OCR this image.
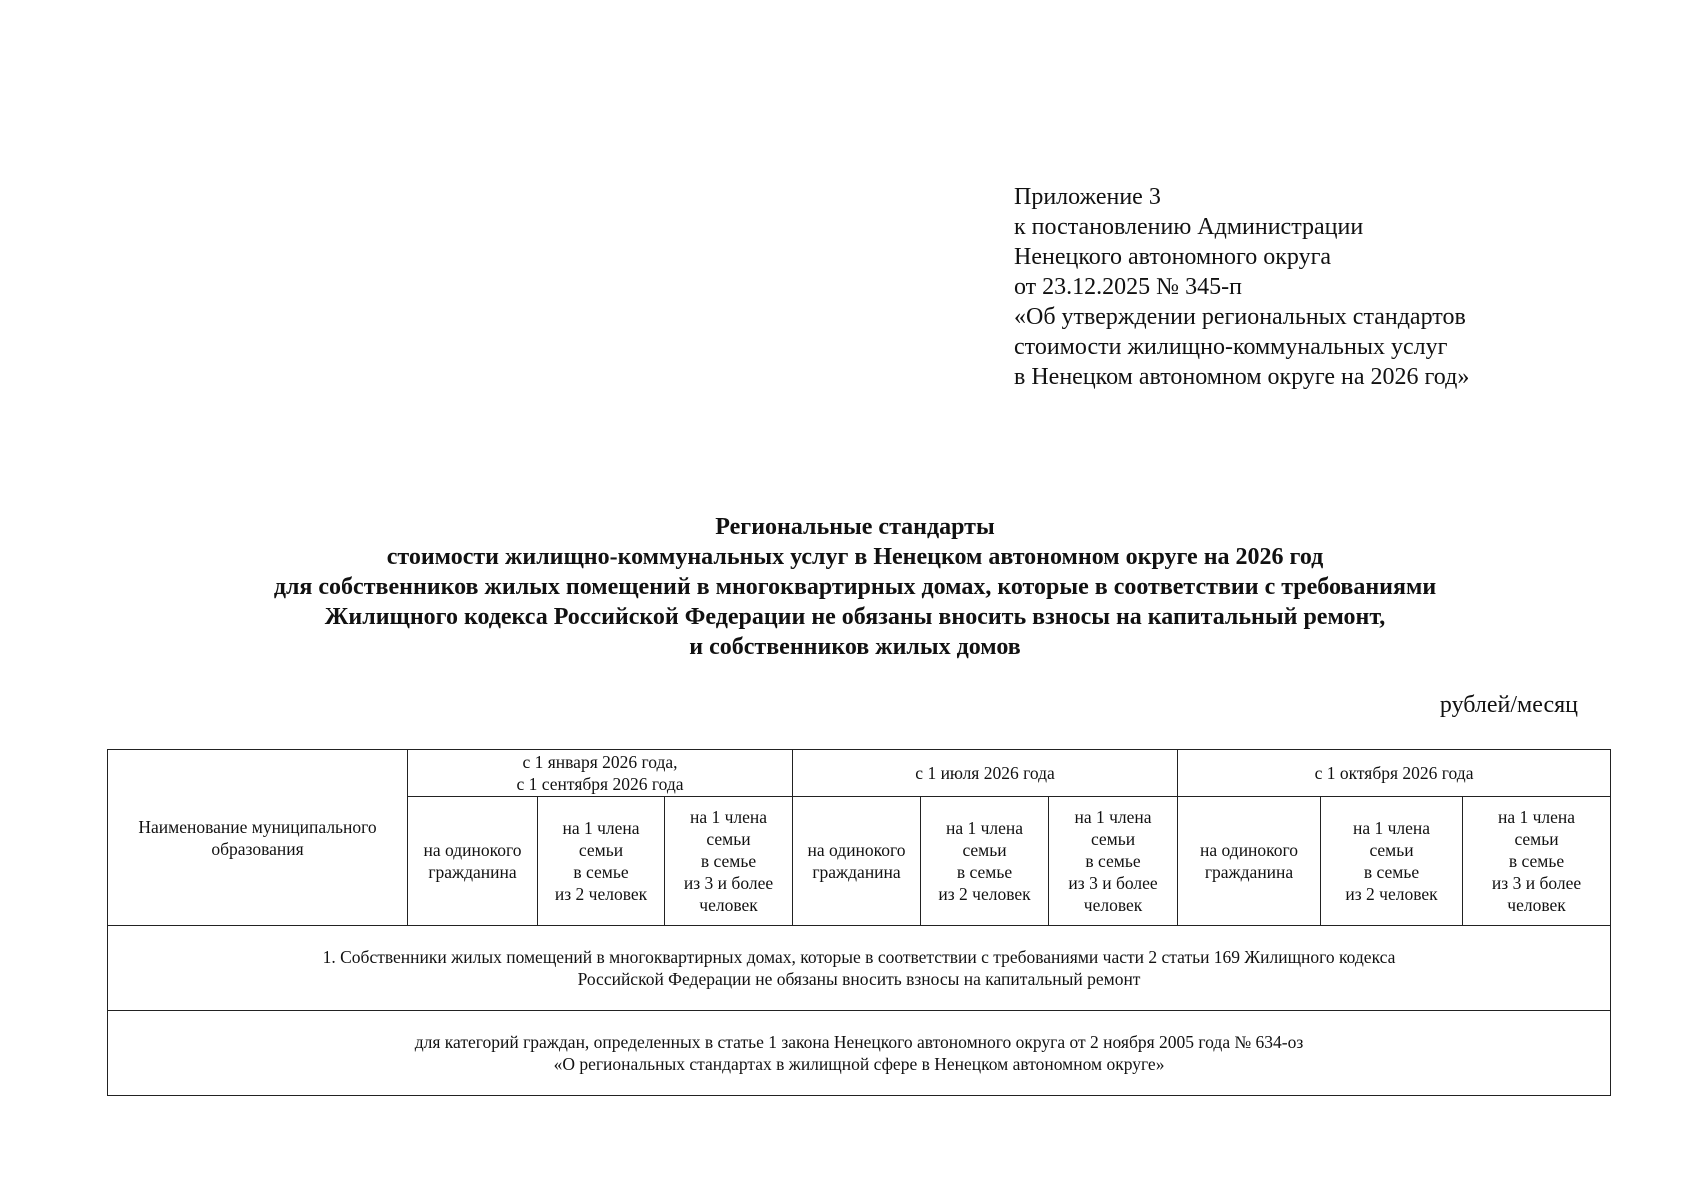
Приложение 3
к постановлению Администрации
Ненецкого автономного округа
от 23.12.2025 № 345-п
«Об утверждении региональных стандартов
стоимости жилищно-коммунальных услуг
в Ненецком автономном округе на 2026 год»
Региональные стандарты
стоимости жилищно-коммунальных услуг в Ненецком автономном округе на 2026 год
для собственников жилых помещений в многоквартирных домах, которые в соответствии с требованиями
Жилищного кодекса Российской Федерации не обязаны вносить взносы на капитальный ремонт,
и собственников жилых домов
рублей/месяц
Наименование муниципального
образования	с 1 января 2026 года,
с 1 сентября 2026 года			с 1 июля 2026 года			с 1 октября 2026 года		

	на одинокого
гражданина	на 1 члена
семьи
в семье
из 2 человек	на 1 члена
семьи
в семье
из 3 и более
человек	на одинокого
гражданина	на 1 члена
семьи
в семье
из 2 человек	на 1 члена
семьи
в семье
из 3 и более
человек	на одинокого
гражданина	на 1 члена
семьи
в семье
из 2 человек	на 1 члена
семьи
в семье
из 3 и более
человек

1. Собственники жилых помещений в многоквартирных домах, которые в соответствии с требованиями части 2 статьи 169 Жилищного кодекса
Российской Федерации не обязаны вносить взносы на капитальный ремонт									

для категорий граждан, определенных в статье 1 закона Ненецкого автономного округа от 2 ноября 2005 года № 634-оз
«О региональных стандартах в жилищной сфере в Ненецком автономном округе»									
